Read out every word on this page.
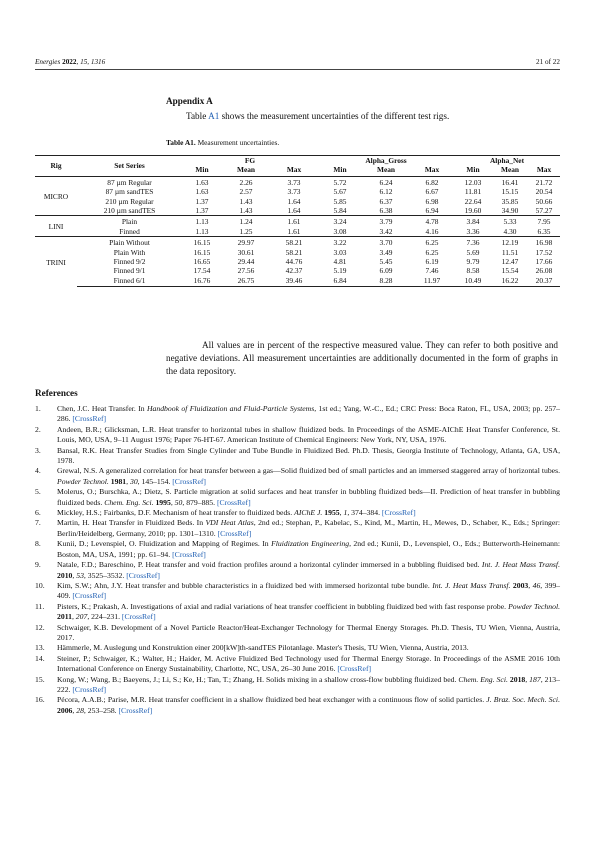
Energies 2022, 15, 1316	21 of 22
Appendix A
Table A1 shows the measurement uncertainties of the different test rigs.
Table A1. Measurement uncertainties.
Rig	Set Series	FG			Alpha_Gross			Alpha_Net		
		Min	Mean	Max	Min	Mean	Max	Min	Mean	Max
MICRO	87 µm Regular	1.63	2.26	3.73	5.72	6.24	6.82	12.03	16.41	21.72
	87 µm sandTES	1.63	2.57	3.73	5.67	6.12	6.67	11.81	15.15	20.54
	210 µm Regular	1.37	1.43	1.64	5.85	6.37	6.98	22.64	35.85	50.66
	210 µm sandTES	1.37	1.43	1.64	5.84	6.38	6.94	19.60	34.90	57.27
LINI	Plain	1.13	1.24	1.61	3.24	3.79	4.78	3.84	5.33	7.95
	Finned	1.13	1.25	1.61	3.08	3.42	4.16	3.36	4.30	6.35
TRINI	Plain Without	16.15	29.97	58.21	3.22	3.70	6.25	7.36	12.19	16.98
	Plain With	16.15	30.61	58.21	3.03	3.49	6.25	5.69	11.51	17.52
	Finned 9/2	16.65	29.44	44.76	4.81	5.45	6.19	9.79	12.47	17.66
	Finned 9/1	17.54	27.56	42.37	5.19	6.09	7.46	8.58	15.54	26.08
	Finned 6/1	16.76	26.75	39.46	6.84	8.28	11.97	10.49	16.22	20.37
All values are in percent of the respective measured value. They can refer to both positive and negative deviations. All measurement uncertainties are additionally documented in the form of graphs in the data repository.
References
1. Chen, J.C. Heat Transfer. In Handbook of Fluidization and Fluid-Particle Systems, 1st ed.; Yang, W.-C., Ed.; CRC Press: Boca Raton, FL, USA, 2003; pp. 257–286. [CrossRef]
2. Andeen, B.R.; Glicksman, L.R. Heat transfer to horizontal tubes in shallow fluidized beds. In Proceedings of the ASME-AIChE Heat Transfer Conference, St. Louis, MO, USA, 9–11 August 1976; Paper 76-HT-67. American Institute of Chemical Engineers: New York, NY, USA, 1976.
3. Bansal, R.K. Heat Transfer Studies from Single Cylinder and Tube Bundle in Fluidized Bed. Ph.D. Thesis, Georgia Institute of Technology, Atlanta, GA, USA, 1978.
4. Grewal, N.S. A generalized correlation for heat transfer between a gas—Solid fluidized bed of small particles and an immersed staggered array of horizontal tubes. Powder Technol. 1981, 30, 145–154. [CrossRef]
5. Molerus, O.; Burschka, A.; Dietz, S. Particle migration at solid surfaces and heat transfer in bubbling fluidized beds—II. Prediction of heat transfer in bubbling fluidized beds. Chem. Eng. Sci. 1995, 50, 879–885. [CrossRef]
6. Mickley, H.S.; Fairbanks, D.F. Mechanism of heat transfer to fluidized beds. AIChE J. 1955, 1, 374–384. [CrossRef]
7. Martin, H. Heat Transfer in Fluidized Beds. In VDI Heat Atlas, 2nd ed.; Stephan, P., Kabelac, S., Kind, M., Martin, H., Mewes, D., Schaber, K., Eds.; Springer: Berlin/Heidelberg, Germany, 2010; pp. 1301–1310. [CrossRef]
8. Kunii, D.; Levenspiel, O. Fluidization and Mapping of Regimes. In Fluidization Engineering, 2nd ed.; Kunii, D., Levenspiel, O., Eds.; Butterworth-Heinemann: Boston, MA, USA, 1991; pp. 61–94. [CrossRef]
9. Natale, F.D.; Bareschino, P. Heat transfer and void fraction profiles around a horizontal cylinder immersed in a bubbling fluidised bed. Int. J. Heat Mass Transf. 2010, 53, 3525–3532. [CrossRef]
10. Kim, S.W.; Ahn, J.Y. Heat transfer and bubble characteristics in a fluidized bed with immersed horizontal tube bundle. Int. J. Heat Mass Transf. 2003, 46, 399–409. [CrossRef]
11. Pisters, K.; Prakash, A. Investigations of axial and radial variations of heat transfer coefficient in bubbling fluidized bed with fast response probe. Powder Technol. 2011, 207, 224–231. [CrossRef]
12. Schwaiger, K.B. Development of a Novel Particle Reactor/Heat-Exchanger Technology for Thermal Energy Storages. Ph.D. Thesis, TU Wien, Vienna, Austria, 2017.
13. Hämmerle, M. Auslegung und Konstruktion einer 200[kW]th-sandTES Pilotanlage. Master's Thesis, TU Wien, Vienna, Austria, 2013.
14. Steiner, P.; Schwaiger, K.; Walter, H.; Haider, M. Active Fluidized Bed Technology used for Thermal Energy Storage. In Proceedings of the ASME 2016 10th International Conference on Energy Sustainability, Charlotte, NC, USA, 26–30 June 2016. [CrossRef]
15. Kong, W.; Wang, B.; Baeyens, J.; Li, S.; Ke, H.; Tan, T.; Zhang, H. Solids mixing in a shallow cross-flow bubbling fluidized bed. Chem. Eng. Sci. 2018, 187, 213–222. [CrossRef]
16. Pécora, A.A.B.; Parise, M.R. Heat transfer coefficient in a shallow fluidized bed heat exchanger with a continuous flow of solid particles. J. Braz. Soc. Mech. Sci. 2006, 28, 253–258. [CrossRef]
